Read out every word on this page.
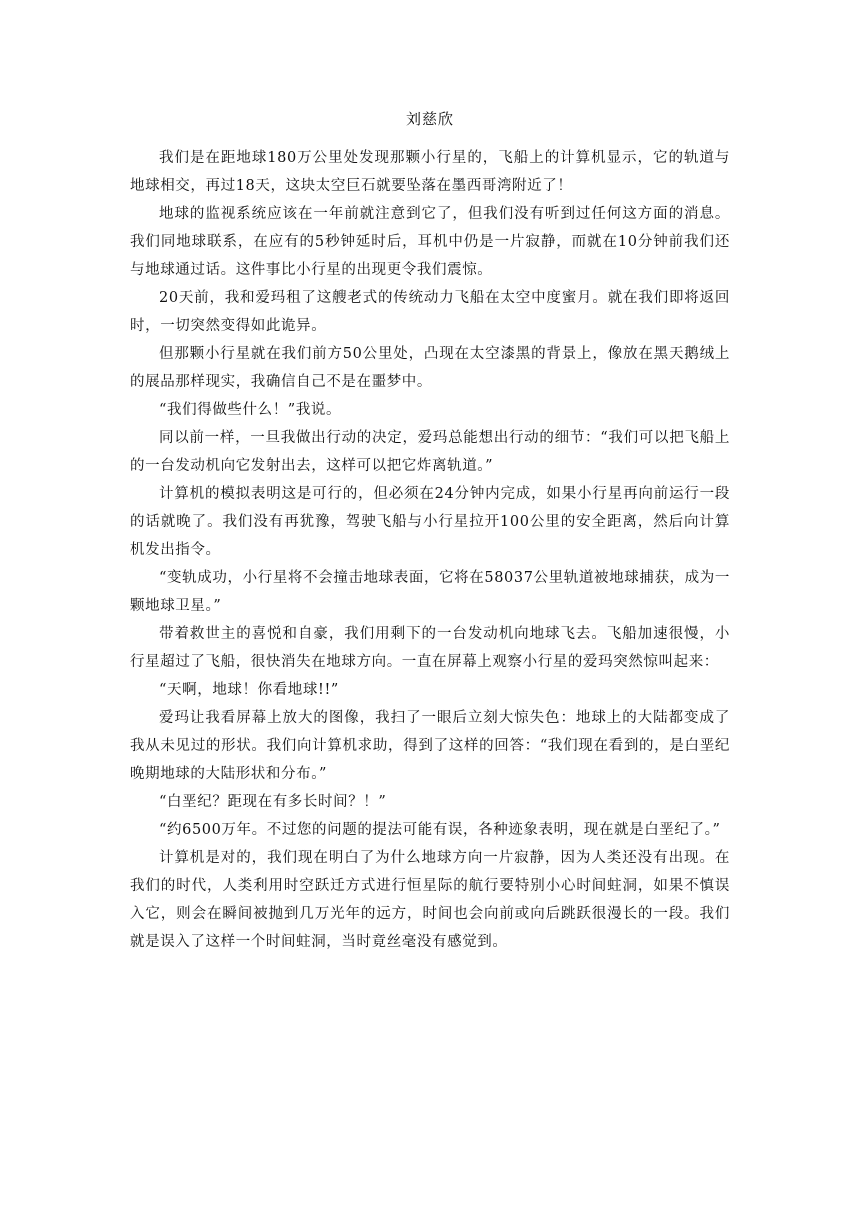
刘慈欣

我们是在距地球180万公里处发现那颗小行星的，飞船上的计算机显示，它的轨道与地球相交，再过18天，这块太空巨石就要坠落在墨西哥湾附近了！

地球的监视系统应该在一年前就注意到它了，但我们没有听到过任何这方面的消息。我们同地球联系，在应有的5秒钟延时后，耳机中仍是一片寂静，而就在10分钟前我们还与地球通过话。这件事比小行星的出现更令我们震惊。

20天前，我和爱玛租了这艘老式的传统动力飞船在太空中度蜜月。就在我们即将返回时，一切突然变得如此诡异。

但那颗小行星就在我们前方50公里处，凸现在太空漆黑的背景上，像放在黑天鹅绒上的展品那样现实，我确信自己不是在噩梦中。

“我们得做些什么！”我说。

同以前一样，一旦我做出行动的决定，爱玛总能想出行动的细节：“我们可以把飞船上的一台发动机向它发射出去，这样可以把它炸离轨道。”

计算机的模拟表明这是可行的，但必须在24分钟内完成，如果小行星再向前运行一段的话就晚了。我们没有再犹豫，驾驶飞船与小行星拉开100公里的安全距离，然后向计算机发出指令。

“变轨成功，小行星将不会撞击地球表面，它将在58037公里轨道被地球捕获，成为一颗地球卫星。”

带着救世主的喜悦和自豪，我们用剩下的一台发动机向地球飞去。飞船加速很慢，小行星超过了飞船，很快消失在地球方向。一直在屏幕上观察小行星的爱玛突然惊叫起来：

“天啊，地球！你看地球!!”

爱玛让我看屏幕上放大的图像，我扫了一眼后立刻大惊失色：地球上的大陆都变成了我从未见过的形状。我们向计算机求助，得到了这样的回答：“我们现在看到的，是白垩纪晚期地球的大陆形状和分布。”

“白垩纪？距现在有多长时间？！”

“约6500万年。不过您的问题的提法可能有误，各种迹象表明，现在就是白垩纪了。”

计算机是对的，我们现在明白了为什么地球方向一片寂静，因为人类还没有出现。在我们的时代，人类利用时空跃迁方式进行恒星际的航行要特别小心时间蛀洞，如果不慎误入它，则会在瞬间被抛到几万光年的远方，时间也会向前或向后跳跃很漫长的一段。我们就是误入了这样一个时间蛀洞，当时竟丝毫没有感觉到。
